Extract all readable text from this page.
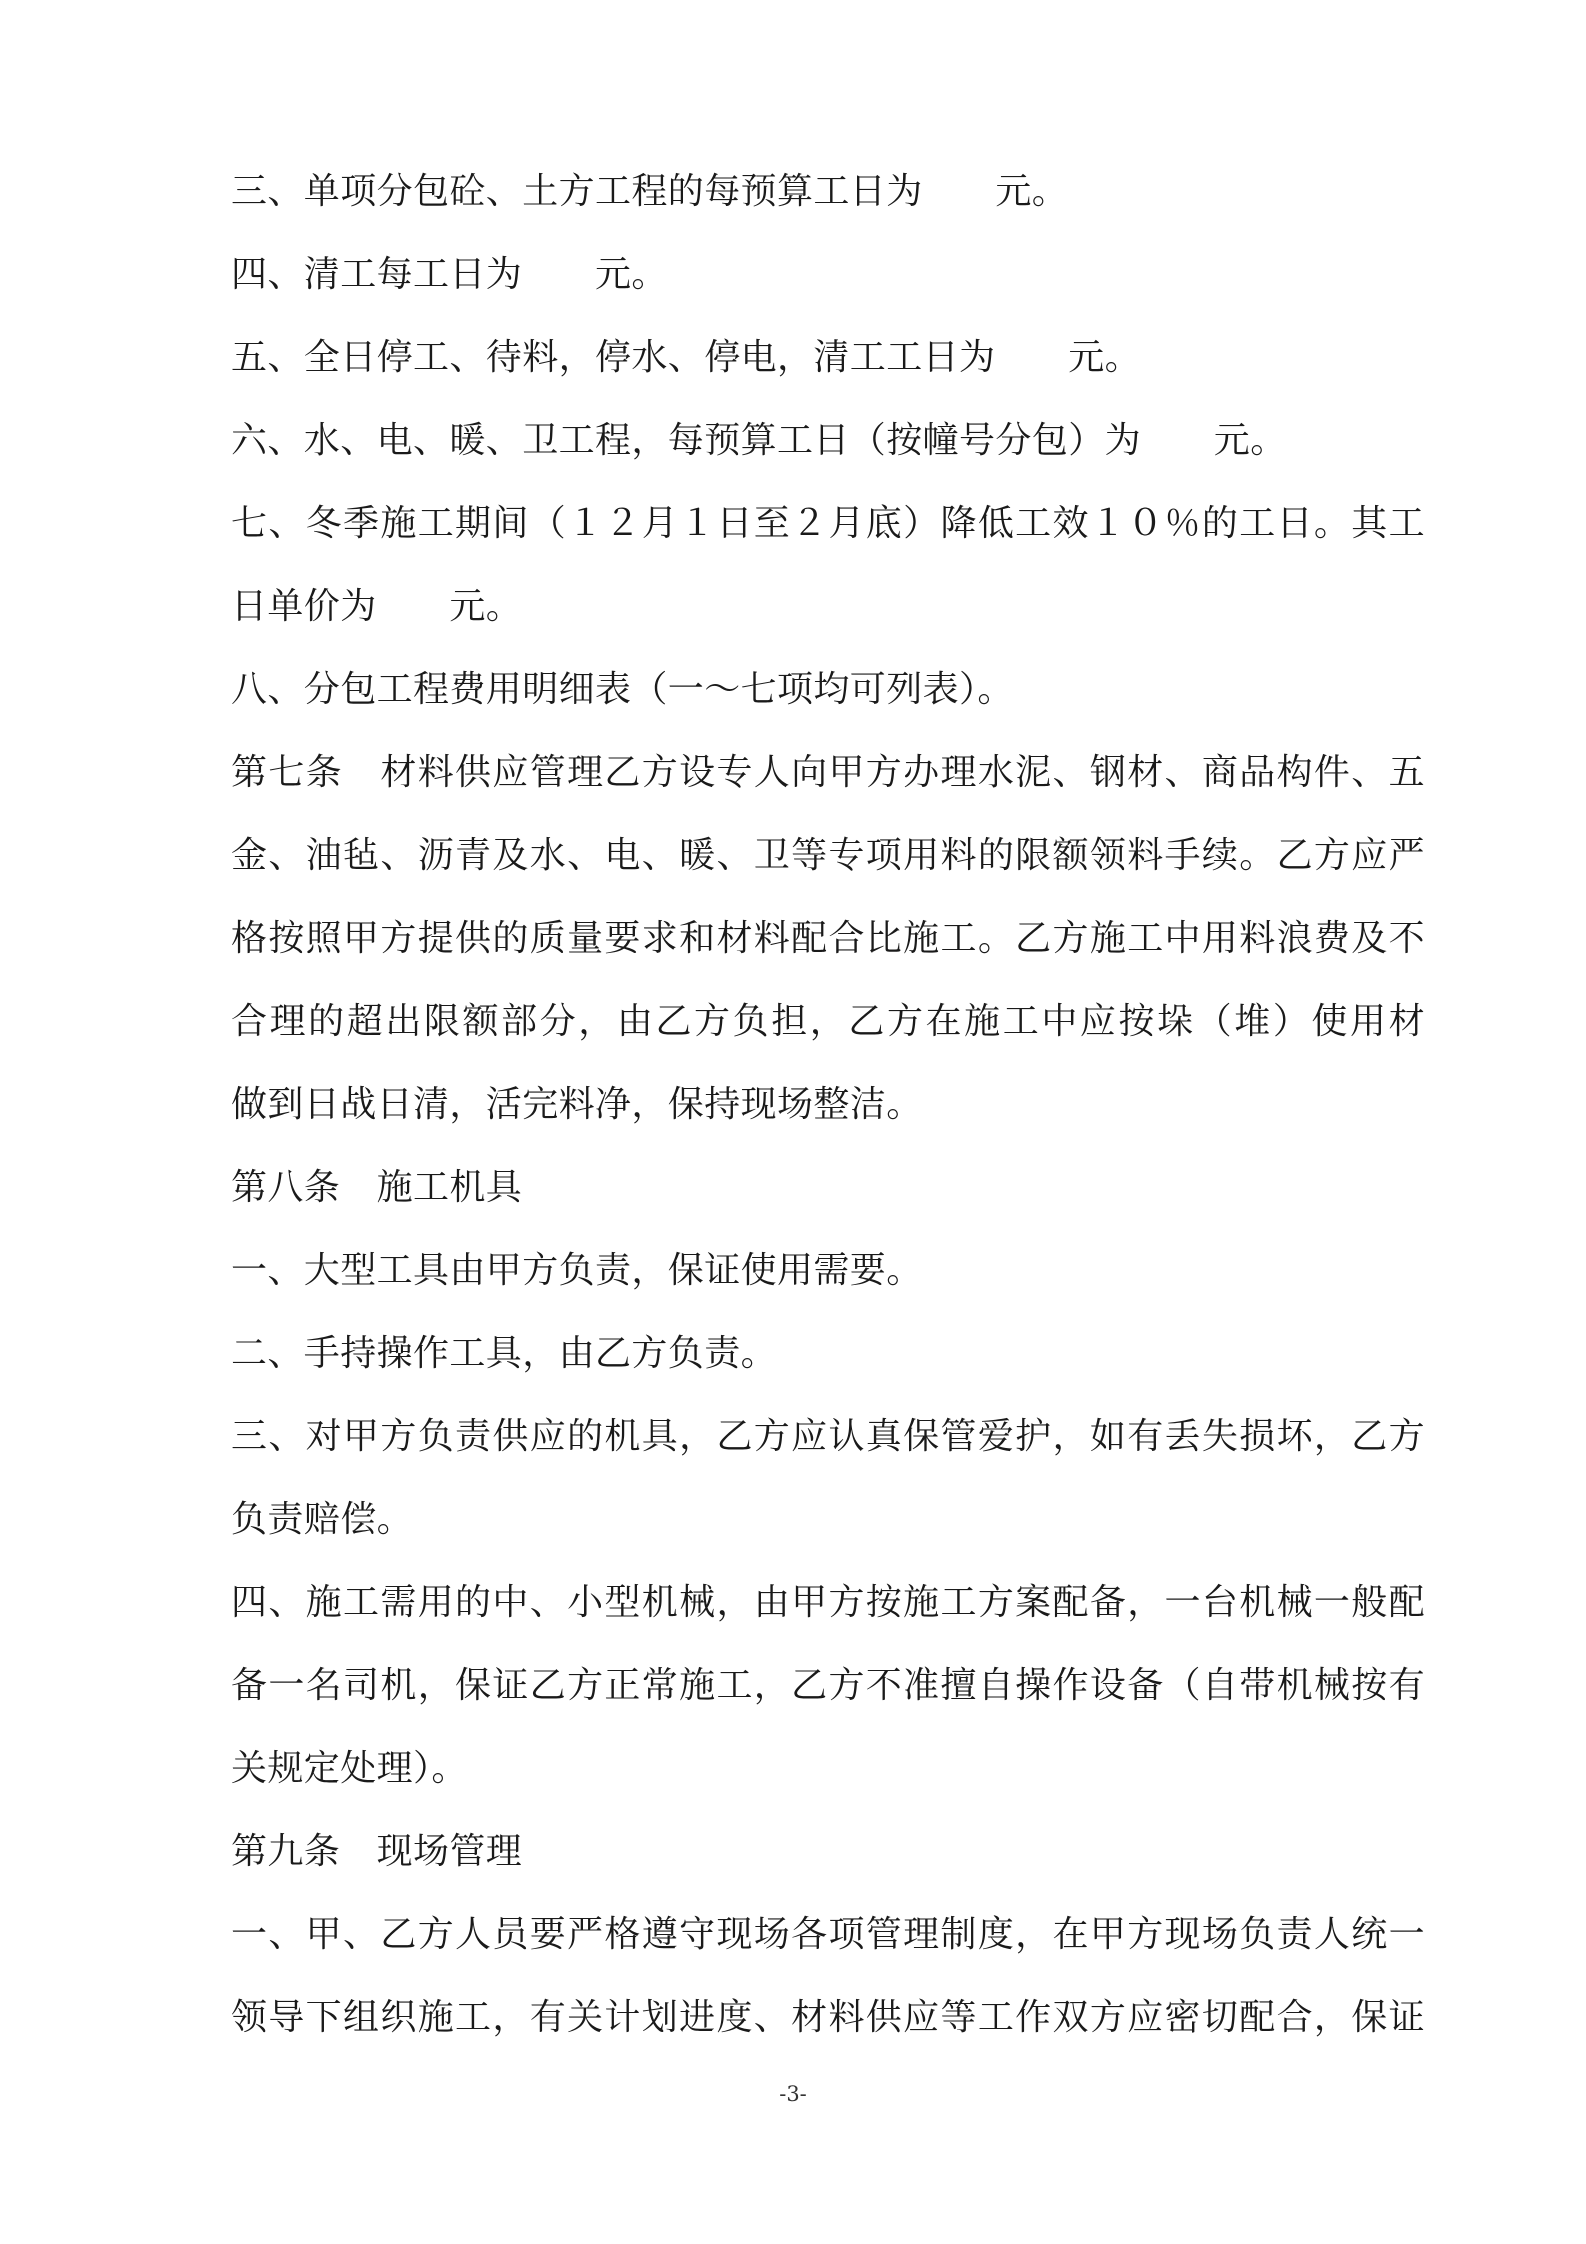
三、单项分包砼、土方工程的每预算工日为　　元。
四、清工每工日为　　元。
五、全日停工、待料，停水、停电，清工工日为　　元。
六、水、电、暖、卫工程，每预算工日（按幢号分包）为　　元。
七、冬季施工期间（１２月１日至２月底）降低工效１０％的工日。其工
日单价为　　元。
八、分包工程费用明细表（一～七项均可列表）。
第七条　材料供应管理乙方设专人向甲方办理水泥、钢材、商品构件、五
金、油毡、沥青及水、电、暖、卫等专项用料的限额领料手续。乙方应严
格按照甲方提供的质量要求和材料配合比施工。乙方施工中用料浪费及不
合理的超出限额部分，由乙方负担，乙方在施工中应按垛（堆）使用材
做到日战日清，活完料净，保持现场整洁。
第八条　施工机具
一、大型工具由甲方负责，保证使用需要。
二、手持操作工具，由乙方负责。
三、对甲方负责供应的机具，乙方应认真保管爱护，如有丢失损坏，乙方
负责赔偿。
四、施工需用的中、小型机械，由甲方按施工方案配备，一台机械一般配
备一名司机，保证乙方正常施工，乙方不准擅自操作设备（自带机械按有
关规定处理）。
第九条　现场管理
一、甲、乙方人员要严格遵守现场各项管理制度，在甲方现场负责人统一
领导下组织施工，有关计划进度、材料供应等工作双方应密切配合，保证
-3-
